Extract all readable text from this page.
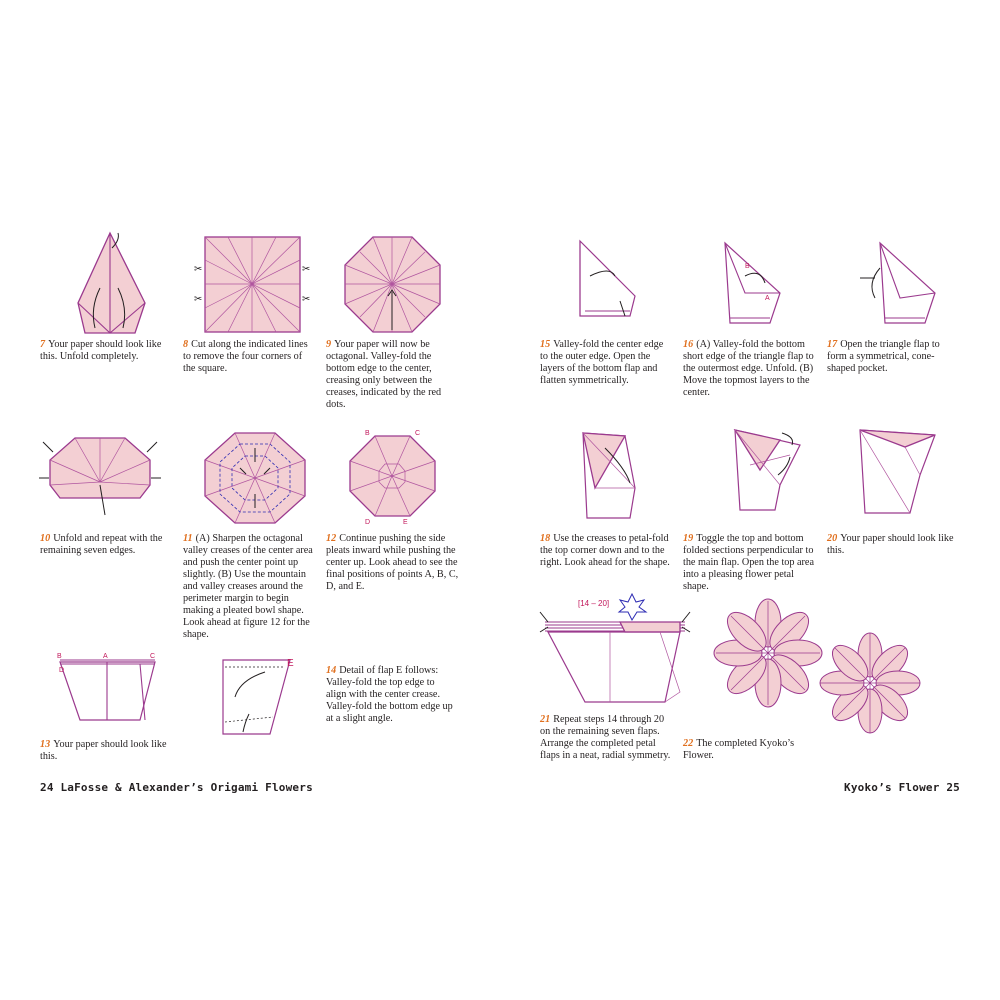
✂	✂
✂	✂
B	C
D	E
B	A	C
D
E
B
A
[14 – 20]
7 Your paper should look like this. Unfold completely.
8 Cut along the indicated lines to remove the four corners of the square.
9 Your paper will now be octagonal. Valley-fold the bottom edge to the center, creasing only between the creases, indicated by the red dots.
10 Unfold and repeat with the remaining seven edges.
11 (A) Sharpen the octagonal valley creases of the center area and push the center point up slightly. (B) Use the mountain and valley creases around the perimeter margin to begin making a pleated bowl shape. Look ahead at figure 12 for the shape.
12 Continue pushing the side pleats inward while pushing the center up. Look ahead to see the final positions of points A, B, C, D, and E.
13 Your paper should look like this.
14 Detail of flap E follows: Valley-fold the top edge to align with the center crease. Valley-fold the bottom edge up at a slight angle.
15 Valley-fold the center edge to the outer edge. Open the layers of the bottom flap and flatten symmetrically.
16 (A) Valley-fold the bottom short edge of the triangle flap to the outermost edge. Unfold. (B) Move the topmost layers to the center.
17 Open the triangle flap to form a symmetrical, cone-shaped pocket.
18 Use the creases to petal-fold the top corner down and to the right. Look ahead for the shape.
19 Toggle the top and bottom folded sections perpendicular to the main flap. Open the top area into a pleasing flower petal shape.
20 Your paper should look like this.
21 Repeat steps 14 through 20 on the remaining seven flaps. Arrange the completed petal flaps in a neat, radial symmetry.
22 The completed Kyoko’s Flower.
24 LaFosse & Alexander’s Origami Flowers	Kyoko’s Flower 25
